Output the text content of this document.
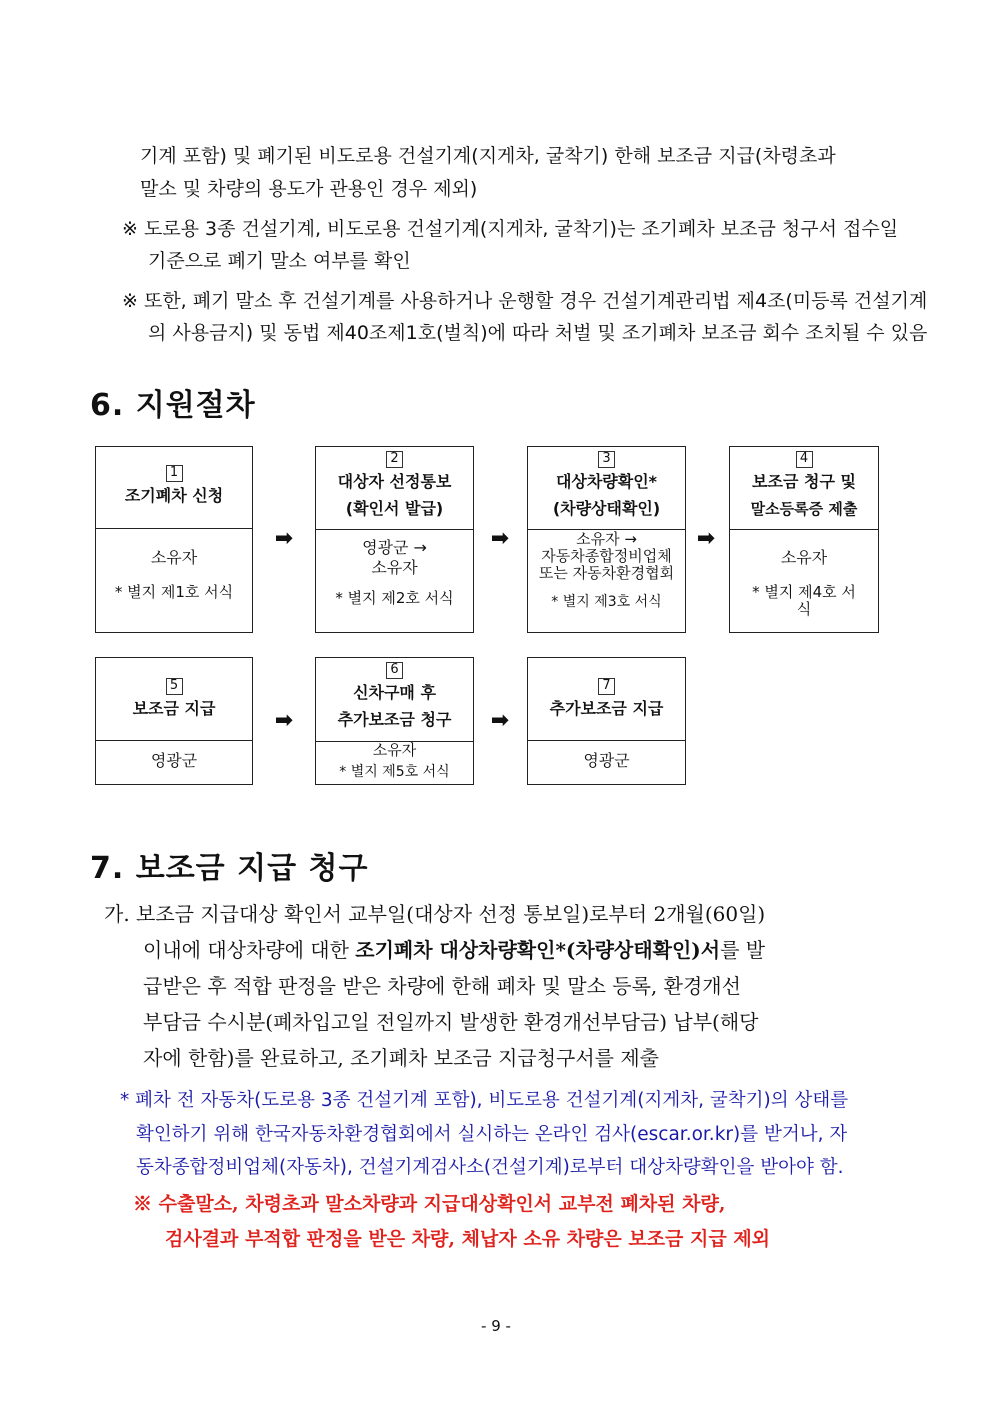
기계 포함) 및 폐기된 비도로용 건설기계(지게차, 굴착기) 한해 보조금 지급(차령초과
말소 및 차량의 용도가 관용인 경우 제외)
※ 도로용 3종 건설기계, 비도로용 건설기계(지게차, 굴착기)는 조기폐차 보조금 청구서 접수일
기준으로 폐기 말소 여부를 확인
※ 또한, 폐기 말소 후 건설기계를 사용하거나 운행할 경우 건설기계관리법 제4조(미등록 건설기계
의 사용금지) 및 동법 제40조제1호(벌칙)에 따라 처벌 및 조기폐차 보조금 회수 조치될 수 있음
6. 지원절차
1
조기폐차 신청
소유자
* 별지 제1호 서식
➡
2
대상자 선정통보
(확인서 발급)
영광군 →
소유자
* 별지 제2호 서식
➡
3
대상차량확인*
(차량상태확인)
소유자 →
자동차종합정비업체
또는 자동차환경협회
* 별지 제3호 서식
➡
4
보조금 청구 및
말소등록증 제출
소유자
* 별지 제4호 서식
5
보조금 지급
영광군
➡
6
신차구매 후
추가보조금 청구
소유자
* 별지 제5호 서식
➡
7
추가보조금 지급
영광군
7. 보조금 지급 청구
가. 보조금 지급대상 확인서 교부일(대상자 선정 통보일)로부터 2개월(60일)
이내에 대상차량에 대한 조기폐차 대상차량확인*(차량상태확인)서를 발
급받은 후 적합 판정을 받은 차량에 한해 폐차 및 말소 등록, 환경개선
부담금 수시분(폐차입고일 전일까지 발생한 환경개선부담금) 납부(해당
자에 한함)를 완료하고, 조기폐차 보조금 지급청구서를 제출
* 폐차 전 자동차(도로용 3종 건설기계 포함), 비도로용 건설기계(지게차, 굴착기)의 상태를
확인하기 위해 한국자동차환경협회에서 실시하는 온라인 검사(escar.or.kr)를 받거나, 자
동차종합정비업체(자동차), 건설기계검사소(건설기계)로부터 대상차량확인을 받아야 함.
※ 수출말소, 차령초과 말소차량과 지급대상확인서 교부전 폐차된 차량,
검사결과 부적합 판정을 받은 차량, 체납자 소유 차량은 보조금 지급 제외
- 9 -
